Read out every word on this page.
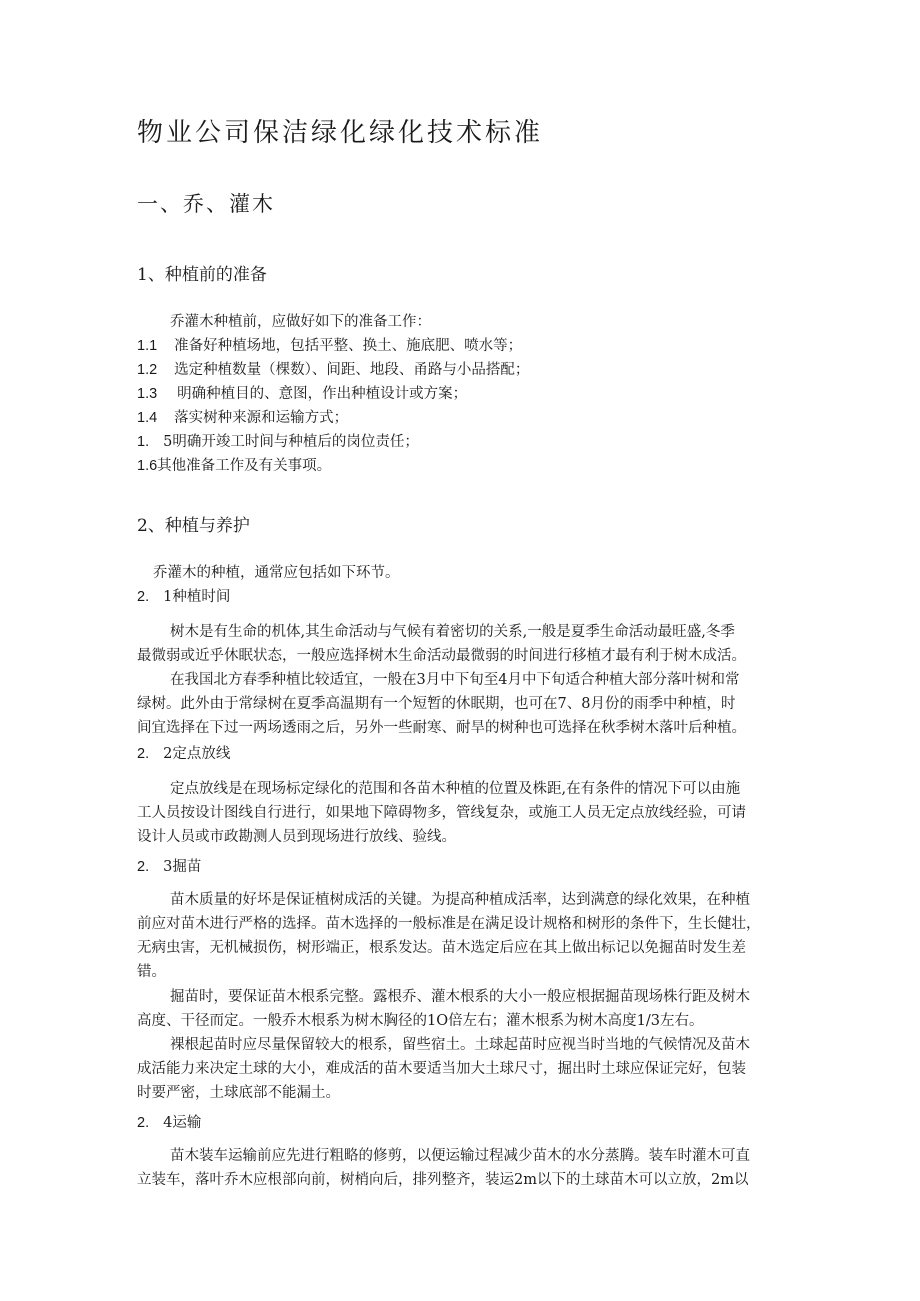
物业公司保洁绿化绿化技术标准
一、乔、灌木
1、种植前的准备

乔灌木种植前，应做好如下的准备工作：

1.1 准备好种植场地，包括平整、换土、施底肥、喷水等；

1.2 选定种植数量（棵数）、间距、地段、甬路与小品搭配；

1.3 明确种植目的、意图，作出种植设计或方案；

1.4 落实树种来源和运输方式；

1. 5明确开竣工时间与种植后的岗位责任；

1.6其他准备工作及有关事项。

2、种植与养护

乔灌木的种植，通常应包括如下环节。

2. 1种植时间

树木是有生命的机体,其生命活动与气候有着密切的关系,一般是夏季生命活动最旺盛,冬季

最微弱或近乎休眠状态，一般应选择树木生命活动最微弱的时间进行移植才最有利于树木成活。

在我国北方春季种植比较适宜，一般在3月中下旬至4月中下旬适合种植大部分落叶树和常

绿树。此外由于常绿树在夏季高温期有一个短暂的休眠期，也可在7、8月份的雨季中种植，时

间宜选择在下过一两场透雨之后，另外一些耐寒、耐旱的树种也可选择在秋季树木落叶后种植。

2. 2定点放线

定点放线是在现场标定绿化的范围和各苗木种植的位置及株距,在有条件的情况下可以由施

工人员按设计图线自行进行，如果地下障碍物多，管线复杂，或施工人员无定点放线经验，可请

设计人员或市政勘测人员到现场进行放线、验线。

2. 3掘苗

苗木质量的好坏是保证植树成活的关键。为提高种植成活率，达到满意的绿化效果，在种植

前应对苗木进行严格的选择。苗木选择的一般标准是在满足设计规格和树形的条件下，生长健壮，

无病虫害，无机械损伤，树形端正，根系发达。苗木选定后应在其上做出标记以免掘苗时发生差

错。

掘苗时，要保证苗木根系完整。露根乔、灌木根系的大小一般应根据掘苗现场株行距及树木

高度、干径而定。一般乔木根系为树木胸径的1O倍左右；灌木根系为树木高度1/3左右。

裸根起苗时应尽量保留较大的根系，留些宿土。土球起苗时应视当时当地的气候情况及苗木

成活能力来决定土球的大小，难成活的苗木要适当加大土球尺寸，掘出时土球应保证完好，包装

时要严密，土球底部不能漏土。

2. 4运输

苗木装车运输前应先进行粗略的修剪，以便运输过程减少苗木的水分蒸腾。装车时灌木可直

立装车，落叶乔木应根部向前，树梢向后，排列整齐，装运2m以下的土球苗木可以立放，2m以
